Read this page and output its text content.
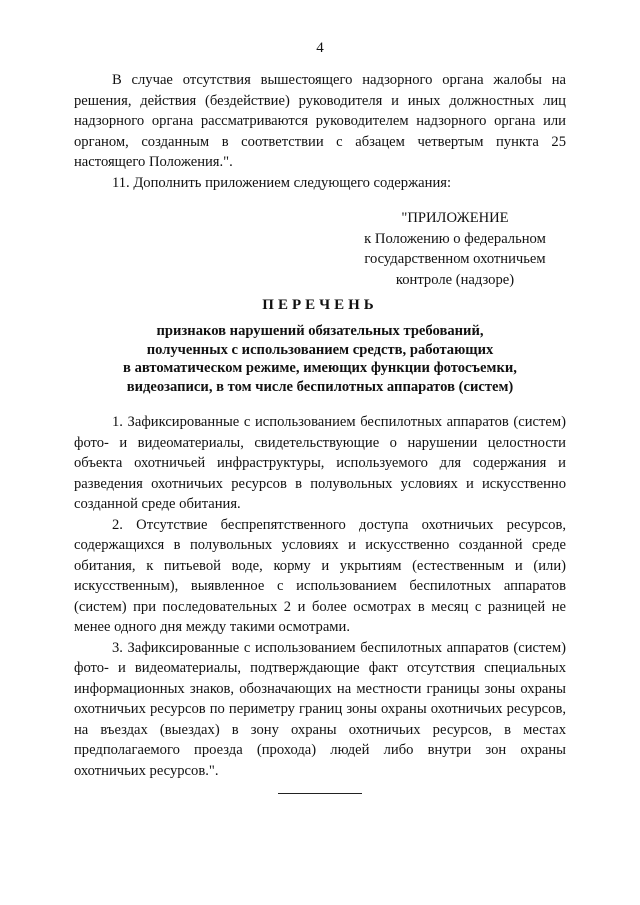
4

В случае отсутствия вышестоящего надзорного органа жалобы на решения, действия (бездействие) руководителя и иных должностных лиц надзорного органа рассматриваются руководителем надзорного органа или органом, созданным в соответствии с абзацем четвертым пункта 25 настоящего Положения.".

11. Дополнить приложением следующего содержания:

"ПРИЛОЖЕНИЕ
к Положению о федеральном
государственном охотничьем
контроле (надзоре)
ПЕРЕЧЕНЬ
признаков нарушений обязательных требований,
полученных с использованием средств, работающих
в автоматическом режиме, имеющих функции фотосъемки,
видеозаписи, в том числе беспилотных аппаратов (систем)

1. Зафиксированные с использованием беспилотных аппаратов (систем) фото- и видеоматериалы, свидетельствующие о нарушении целостности объекта охотничьей инфраструктуры, используемого для содержания и разведения охотничьих ресурсов в полувольных условиях и искусственно созданной среде обитания.

2. Отсутствие беспрепятственного доступа охотничьих ресурсов, содержащихся в полувольных условиях и искусственно созданной среде обитания, к питьевой воде, корму и укрытиям (естественным и (или) искусственным), выявленное с использованием беспилотных аппаратов (систем) при последовательных 2 и более осмотрах в месяц с разницей не менее одного дня между такими осмотрами.

3. Зафиксированные с использованием беспилотных аппаратов (систем) фото- и видеоматериалы, подтверждающие факт отсутствия специальных информационных знаков, обозначающих на местности границы зоны охраны охотничьих ресурсов по периметру границ зоны охраны охотничьих ресурсов, на въездах (выездах) в зону охраны охотничьих ресурсов, в местах предполагаемого проезда (прохода) людей либо внутри зон охраны охотничьих ресурсов.".
